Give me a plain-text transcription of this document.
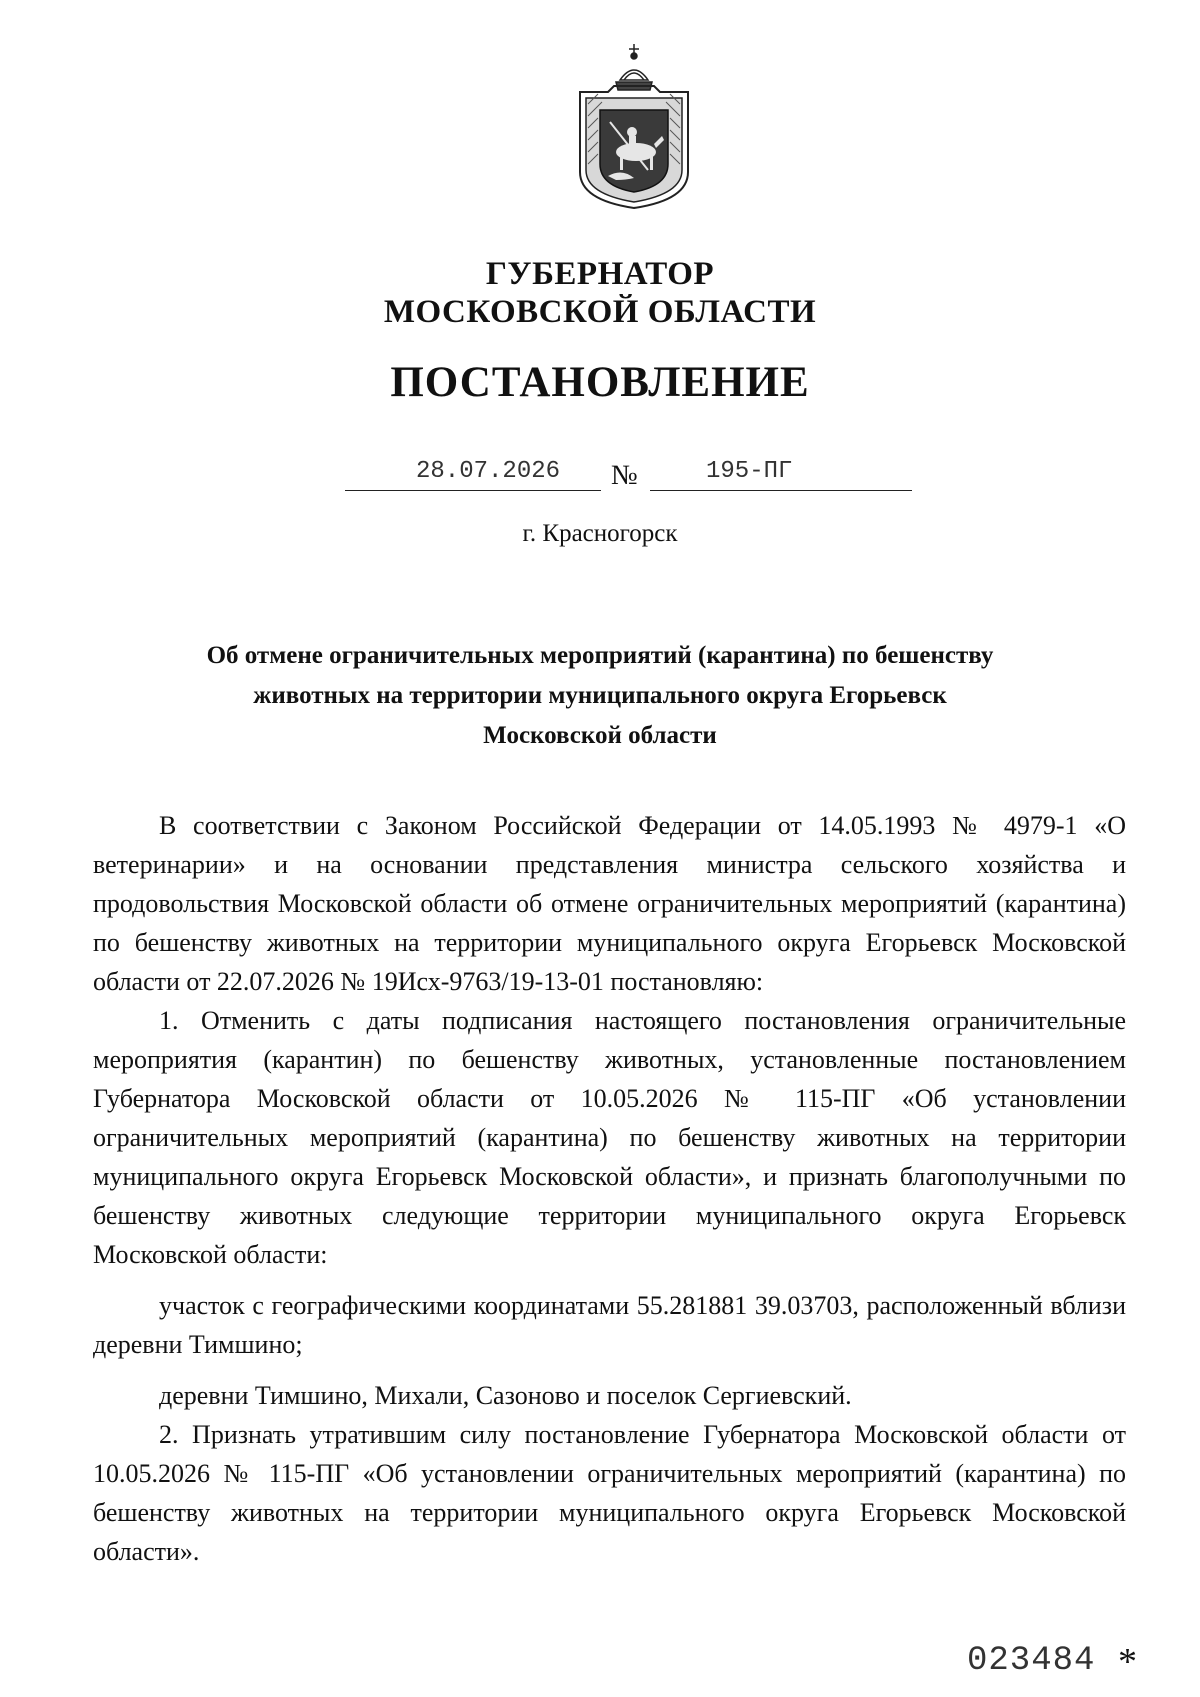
ГУБЕРНАТОР
МОСКОВСКОЙ ОБЛАСТИ
ПОСТАНОВЛЕНИЕ
28.07.2026 №	195-ПГ
г. Красногорск
Об отмене ограничительных мероприятий (карантина) по бешенству
животных на территории муниципального округа Егорьевск
Московской области

В соответствии с Законом Российской Федерации от 14.05.1993 № 4979-1 «О ветеринарии» и на основании представления министра сельского хозяйства и продовольствия Московской области об отмене ограничительных мероприятий (карантина) по бешенству животных на территории муниципального округа Егорьевск Московской области от 22.07.2026 № 19Исх-9763/19-13-01 постановляю:

1. Отменить с даты подписания настоящего постановления ограничительные мероприятия (карантин) по бешенству животных, установленные постановлением Губернатора Московской области от 10.05.2026 № 115-ПГ «Об установлении ограничительных мероприятий (карантина) по бешенству животных на территории муниципального округа Егорьевск Московской области», и признать благополучными по бешенству животных следующие территории муниципального округа Егорьевск Московской области:

участок с географическими координатами 55.281881 39.03703, расположенный вблизи деревни Тимшино;

деревни Тимшино, Михали, Сазоново и поселок Сергиевский.

2. Признать утратившим силу постановление Губернатора Московской области от 10.05.2026 № 115-ПГ «Об установлении ограничительных мероприятий (карантина) по бешенству животных на территории муниципального округа Егорьевск Московской области».

023484 *
